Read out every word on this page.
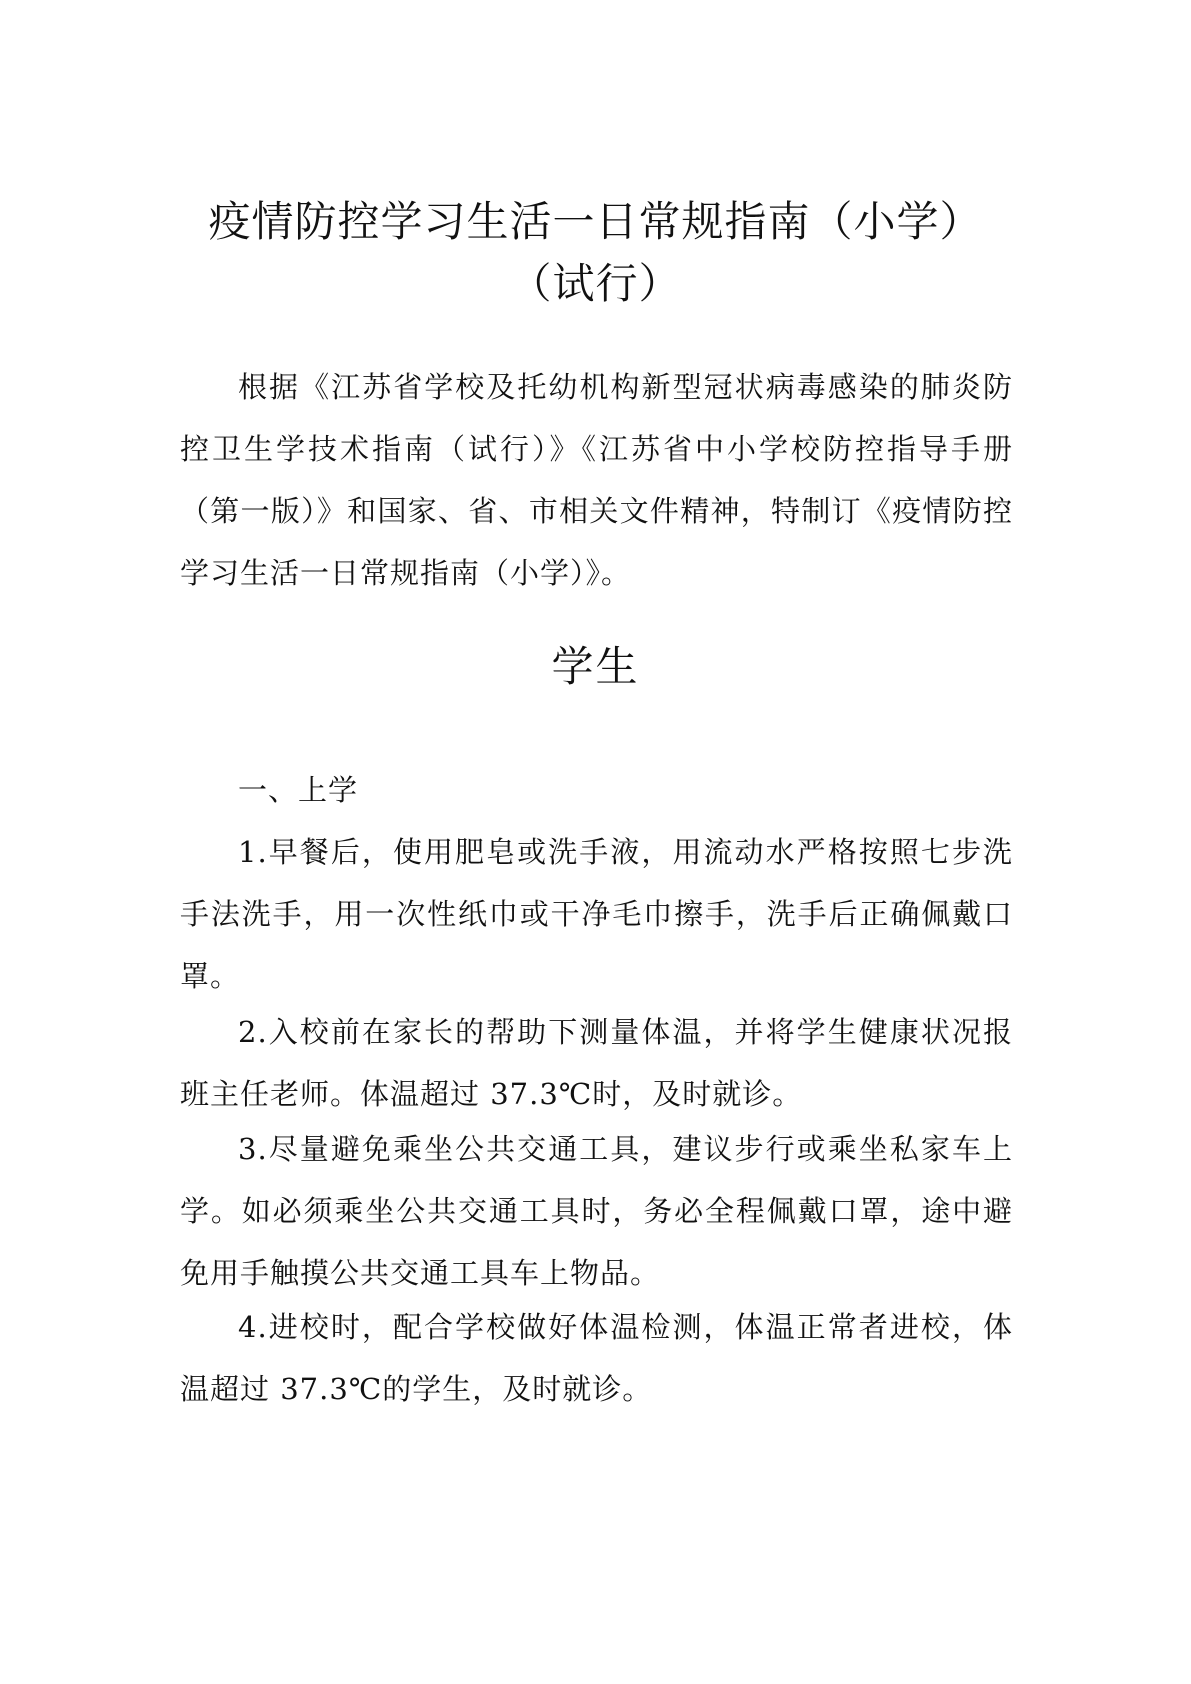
疫情防控学习生活一日常规指南（小学）
（试行）

根据《江苏省学校及托幼机构新型冠状病毒感染的肺炎防控卫生学技术指南（试行）》《江苏省中小学校防控指导手册（第一版）》和国家、省、市相关文件精神，特制订《疫情防控学习生活一日常规指南（小学）》。

学生

一、上学

1.早餐后，使用肥皂或洗手液，用流动水严格按照七步洗手法洗手，用一次性纸巾或干净毛巾擦手，洗手后正确佩戴口罩。

2.入校前在家长的帮助下测量体温，并将学生健康状况报班主任老师。体温超过 37.3℃时，及时就诊。

3.尽量避免乘坐公共交通工具，建议步行或乘坐私家车上学。如必须乘坐公共交通工具时，务必全程佩戴口罩，途中避免用手触摸公共交通工具车上物品。

4.进校时，配合学校做好体温检测，体温正常者进校，体温超过 37.3℃的学生，及时就诊。
